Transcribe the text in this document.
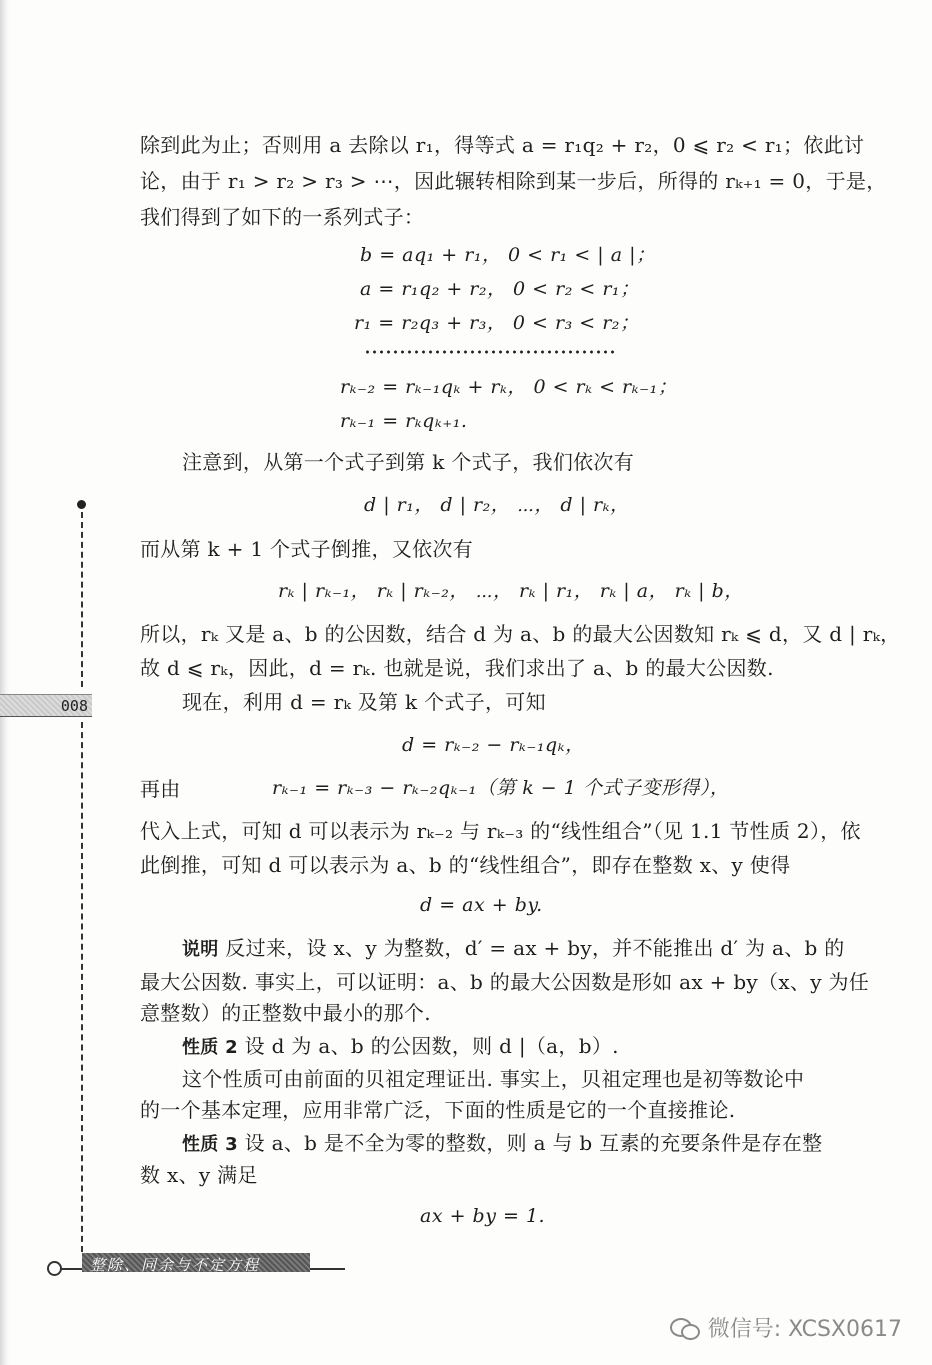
除到此为止；否则用 a 去除以 r₁，得等式 a = r₁q₂ + r₂，0 ⩽ r₂ < r₁；依此讨
论，由于 r₁ > r₂ > r₃ > ⋯，因此辗转相除到某一步后，所得的 rₖ₊₁ = 0，于是，
我们得到了如下的一系列式子：
b = aq₁ + r₁， 0 < r₁ < | a |；
a = r₁q₂ + r₂， 0 < r₂ < r₁；
r₁ = r₂q₃ + r₃， 0 < r₃ < r₂；
rₖ₋₂ = rₖ₋₁qₖ + rₖ， 0 < rₖ < rₖ₋₁；
rₖ₋₁ = rₖqₖ₊₁.
注意到，从第一个式子到第 k 个式子，我们依次有
d | r₁， d | r₂， ⋯， d | rₖ，
而从第 k + 1 个式子倒推，又依次有
rₖ | rₖ₋₁， rₖ | rₖ₋₂， ⋯， rₖ | r₁， rₖ | a， rₖ | b，
所以，rₖ 又是 a、b 的公因数，结合 d 为 a、b 的最大公因数知 rₖ ⩽ d，又 d | rₖ，
故 d ⩽ rₖ，因此，d = rₖ. 也就是说，我们求出了 a、b 的最大公因数.
现在，利用 d = rₖ 及第 k 个式子，可知
d = rₖ₋₂ − rₖ₋₁qₖ，
再由	rₖ₋₁ = rₖ₋₃ − rₖ₋₂qₖ₋₁（第 k − 1 个式子变形得），
代入上式，可知 d 可以表示为 rₖ₋₂ 与 rₖ₋₃ 的“线性组合”（见 1.1 节性质 2），依
此倒推，可知 d 可以表示为 a、b 的“线性组合”，即存在整数 x、y 使得
d = ax + by.
说明 反过来，设 x、y 为整数，d′ = ax + by，并不能推出 d′ 为 a、b 的
最大公因数. 事实上，可以证明：a、b 的最大公因数是形如 ax + by（x、y 为任
意整数）的正整数中最小的那个.
性质 2 设 d 为 a、b 的公因数，则 d |（a，b）.
这个性质可由前面的贝祖定理证出. 事实上，贝祖定理也是初等数论中
的一个基本定理，应用非常广泛，下面的性质是它的一个直接推论.
性质 3 设 a、b 是不全为零的整数，则 a 与 b 互素的充要条件是存在整
数 x、y 满足
ax + by = 1.
008
整除、同余与不定方程
微信号: XCSX0617
